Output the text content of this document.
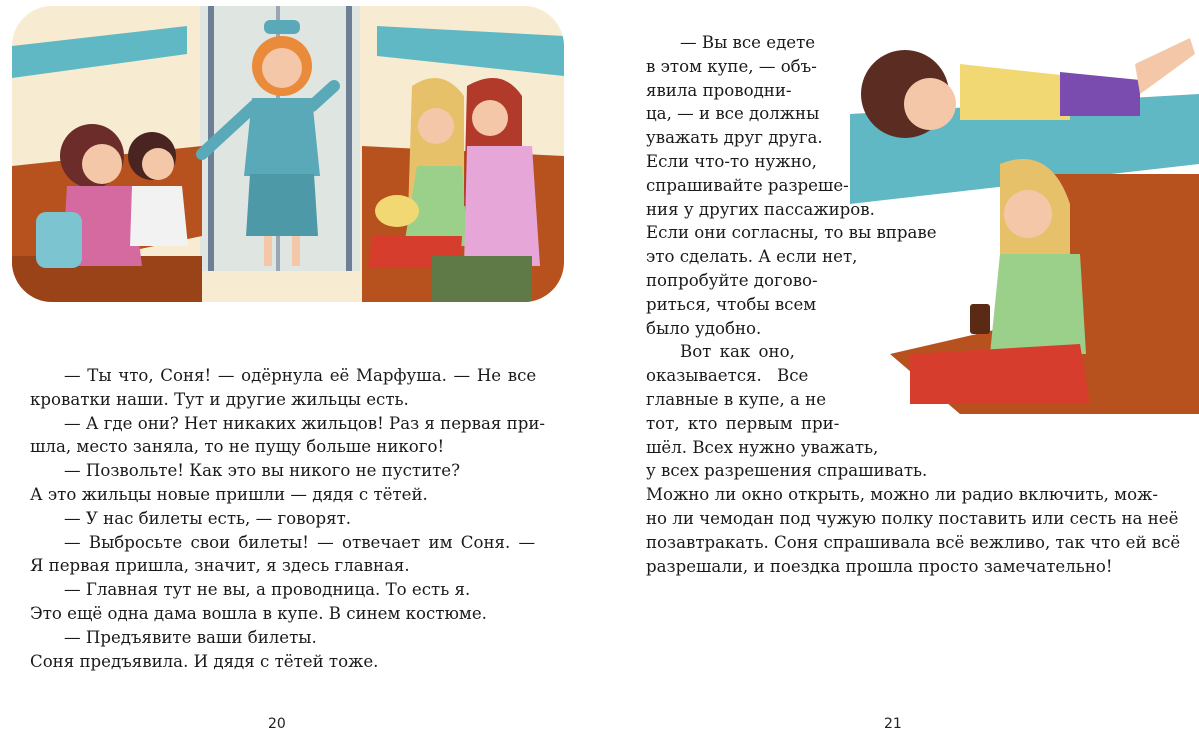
— Ты что, Соня! — одёрнула её Марфуша. — Не все

кроватки наши. Тут и другие жильцы есть.

— А где они? Нет никаких жильцов! Раз я первая при-

шла, место заняла, то не пущу больше никого!

— Позвольте! Как это вы никого не пустите?

А это жильцы новые пришли — дядя с тётей.

— У нас билеты есть, — говорят.

— Выбросьте свои билеты! — отвечает им Соня. —

Я первая пришла, значит, я здесь главная.

— Главная тут не вы, а проводница. То есть я.

Это ещё одна дама вошла в купе. В синем костюме.

— Предъявите ваши билеты.

Соня предъявила. И дядя с тётей тоже.

20

— Вы все едете

в этом купе, — объ-

явила проводни-

ца, — и все должны

уважать друг друга.

Если что-то нужно,

спрашивайте разреше-

ния у других пассажиров.

Если они согласны, то вы вправе

это сделать. А если нет,

попробуйте догово-

риться, чтобы всем

было удобно.

Вот как оно,

оказывается. Все

главные в купе, а не

тот, кто первым при-

шёл. Всех нужно уважать,

у всех разрешения спрашивать.

Можно ли окно открыть, можно ли радио включить, мож-

но ли чемодан под чужую полку поставить или сесть на неё

позавтракать. Соня спрашивала всё вежливо, так что ей всё

разрешали, и поездка прошла просто замечательно!

21
